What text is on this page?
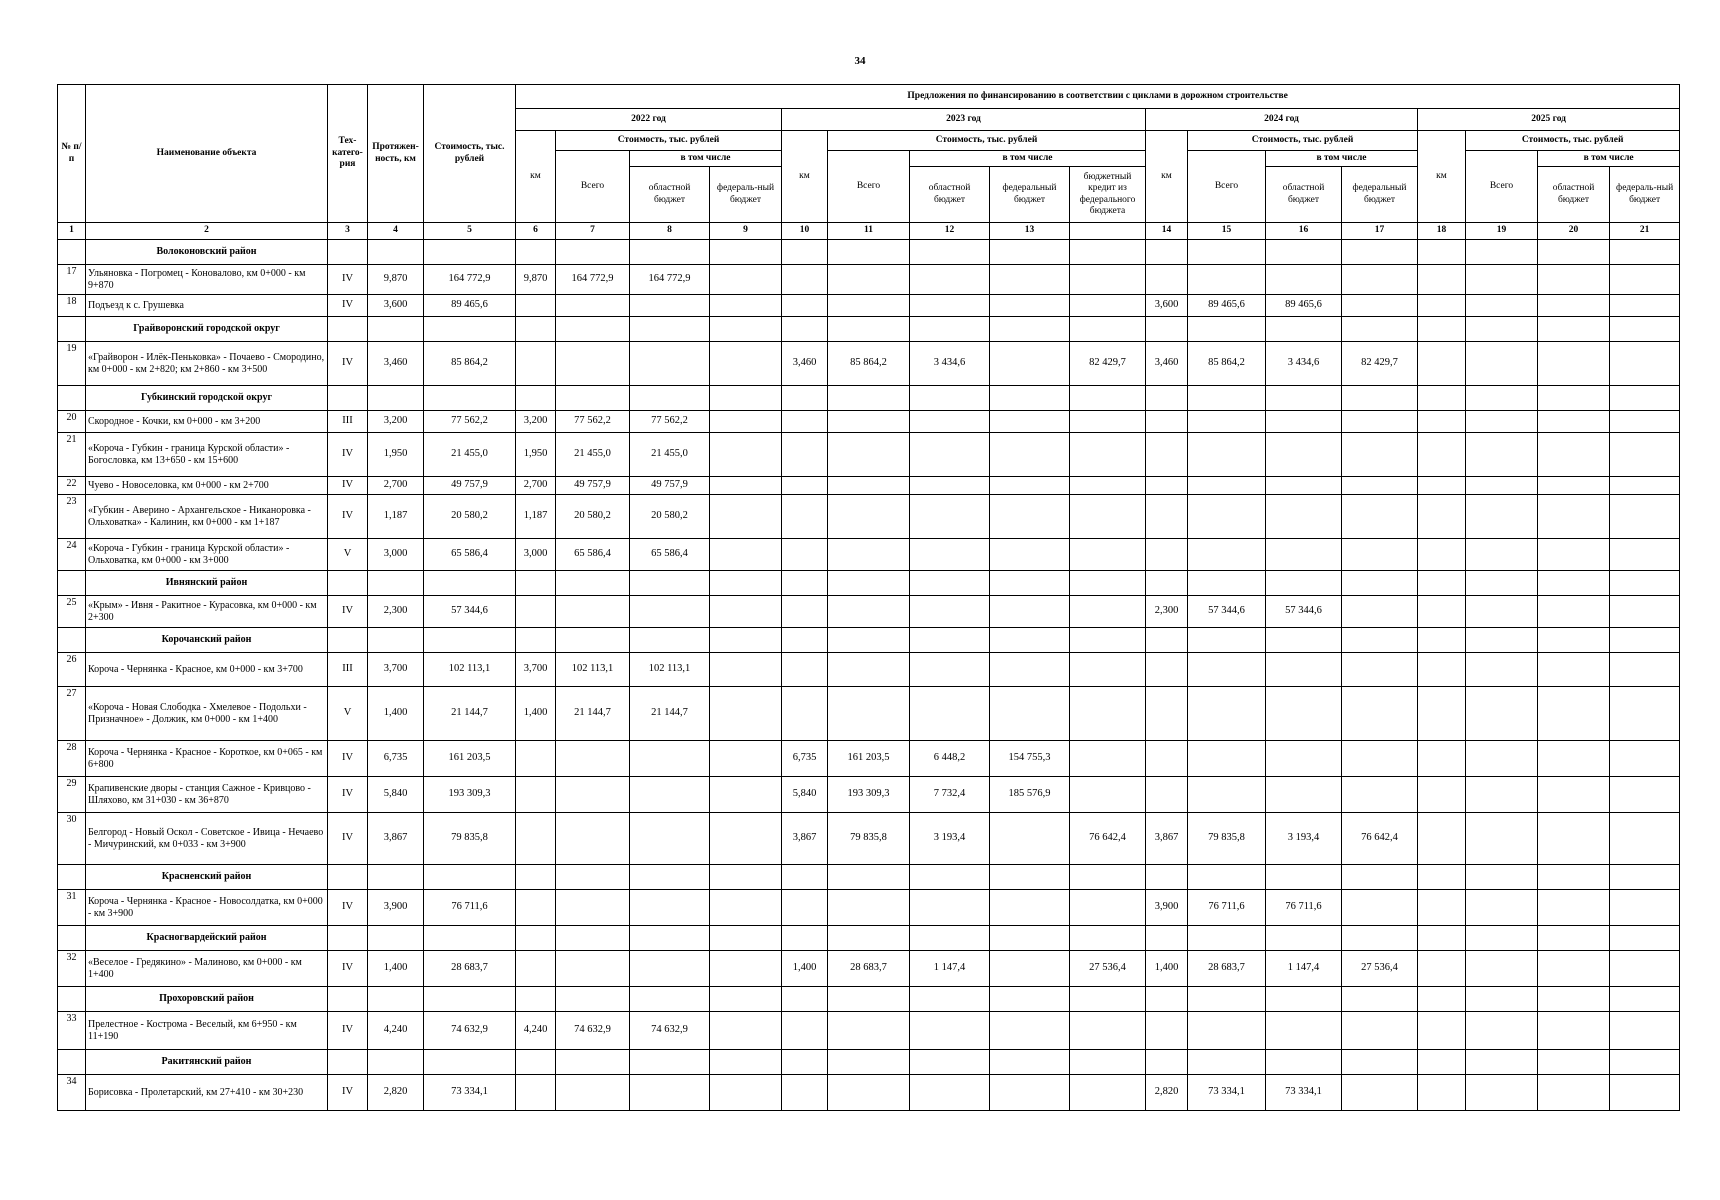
34
№ п/п	Наименование объекта	Тех-катего-рия	Протяжен-ность, км	Стоимость, тыс. рублей	Предложения по финансированию в соответствии с циклами в дорожном строительстве																	
					2022 год				2023 год					2024 год				2025 год				
					км	Стоимость, тыс. рублей			км	Стоимость, тыс. рублей				км	Стоимость, тыс. рублей			км	Стоимость, тыс. рублей			
						Всего	в том числе			Всего	в том числе				Всего	в том числе			Всего	в том числе		
							областной бюджет	федераль-ный бюджет			областной бюджет	федеральный бюджет	бюджетный кредит из федерального бюджета			областной бюджет	федеральный бюджет			областной бюджет	федераль-ный бюджет	
1	2	3	4	5	6	7	8	9	10	11	12	13		14	15	16	17	18	19	20	21	
	Волоконовский район																					
17	Ульяновка - Погромец - Коноваловo, км 0+000 - км 9+870	IV	9,870	164 772,9	9,870	164 772,9	164 772,9															
18	Подъезд к с. Грушевка	IV	3,600	89 465,6										3,600	89 465,6	89 465,6						
	Грайворонский городской округ																					
19	«Грайворон - Илёк-Пеньковка» - Почаево - Смородино, км 0+000 - км 2+820; км 2+860 - км 3+500	IV	3,460	85 864,2					3,460	85 864,2	3 434,6		82 429,7	3,460	85 864,2	3 434,6	82 429,7					
	Губкинский городской округ																					
20	Скородное - Кочки, км 0+000 - км 3+200	III	3,200	77 562,2	3,200	77 562,2	77 562,2															
21	«Короча - Губкин - граница Курской области» - Богословка, км 13+650 - км 15+600	IV	1,950	21 455,0	1,950	21 455,0	21 455,0															
22	Чуево - Новоселовка, км 0+000 - км 2+700	IV	2,700	49 757,9	2,700	49 757,9	49 757,9															
23	«Губкин - Аверино - Архангельское - Никаноровка - Ольховатка» - Калинин, км 0+000 - км 1+187	IV	1,187	20 580,2	1,187	20 580,2	20 580,2															
24	«Короча - Губкин - граница Курской области» - Ольховатка, км 0+000 - км 3+000	V	3,000	65 586,4	3,000	65 586,4	65 586,4															
	Ивнянский район																					
25	«Крым» - Ивня - Ракитное - Курасовка, км 0+000 - км 2+300	IV	2,300	57 344,6										2,300	57 344,6	57 344,6						
	Корочанский район																					
26	Короча - Чернянка - Красное, км 0+000 - км 3+700	III	3,700	102 113,1	3,700	102 113,1	102 113,1															
27	«Короча - Новая Слободка - Хмелевое - Подольхи - Призначное» - Должик, км 0+000 - км 1+400	V	1,400	21 144,7	1,400	21 144,7	21 144,7															
28	Короча - Чернянка - Красное - Короткое, км 0+065 - км 6+800	IV	6,735	161 203,5					6,735	161 203,5	6 448,2	154 755,3										
29	Крапивенские дворы - станция Сажное - Кривцово - Шляхово, км 31+030 - км 36+870	IV	5,840	193 309,3					5,840	193 309,3	7 732,4	185 576,9										
30	Белгород - Новый Оскол - Советское - Ивица - Нечаево - Мичуринский, км 0+033 - км 3+900	IV	3,867	79 835,8					3,867	79 835,8	3 193,4		76 642,4	3,867	79 835,8	3 193,4	76 642,4					
	Красненский район																					
31	Короча - Чернянка - Красное - Новосолдатка, км 0+000 - км 3+900	IV	3,900	76 711,6										3,900	76 711,6	76 711,6						
	Красногвардейский район																					
32	«Веселое - Гредякино» - Малиново, км 0+000 - км 1+400	IV	1,400	28 683,7					1,400	28 683,7	1 147,4		27 536,4	1,400	28 683,7	1 147,4	27 536,4					
	Прохоровский район																					
33	Прелестное - Кострома - Веселый, км 6+950 - км 11+190	IV	4,240	74 632,9	4,240	74 632,9	74 632,9															
	Ракитянский район																					
34	Борисовка - Пролетарский, км 27+410 - км 30+230	IV	2,820	73 334,1										2,820	73 334,1	73 334,1						
